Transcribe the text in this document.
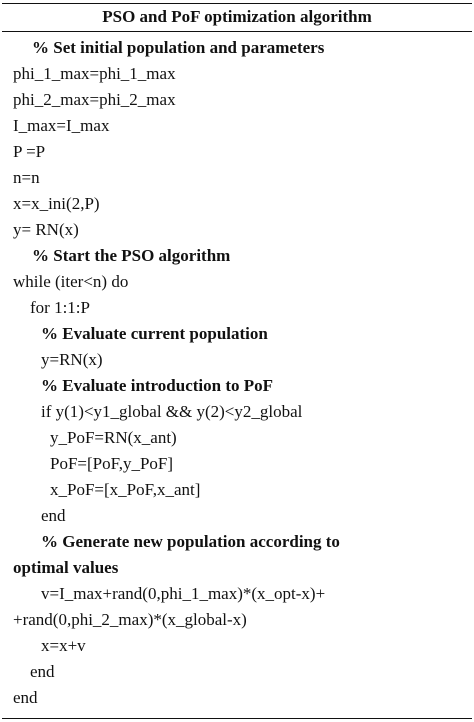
PSO and PoF optimization algorithm
% Set initial population and parameters
phi_1_max=phi_1_max
phi_2_max=phi_2_max
I_max=I_max
P =P
n=n
x=x_ini(2,P)
y= RN(x)
% Start the PSO algorithm
while (iter<n) do
for 1:1:P
% Evaluate current population
y=RN(x)
% Evaluate introduction to PoF
if y(1)<y1_global && y(2)<y2_global
y_PoF=RN(x_ant)
PoF=[PoF,y_PoF]
x_PoF=[x_PoF,x_ant]
end
% Generate new population according to
optimal values
v=I_max+rand(0,phi_1_max)*(x_opt-x)+
+rand(0,phi_2_max)*(x_global-x)
x=x+v
end
end
